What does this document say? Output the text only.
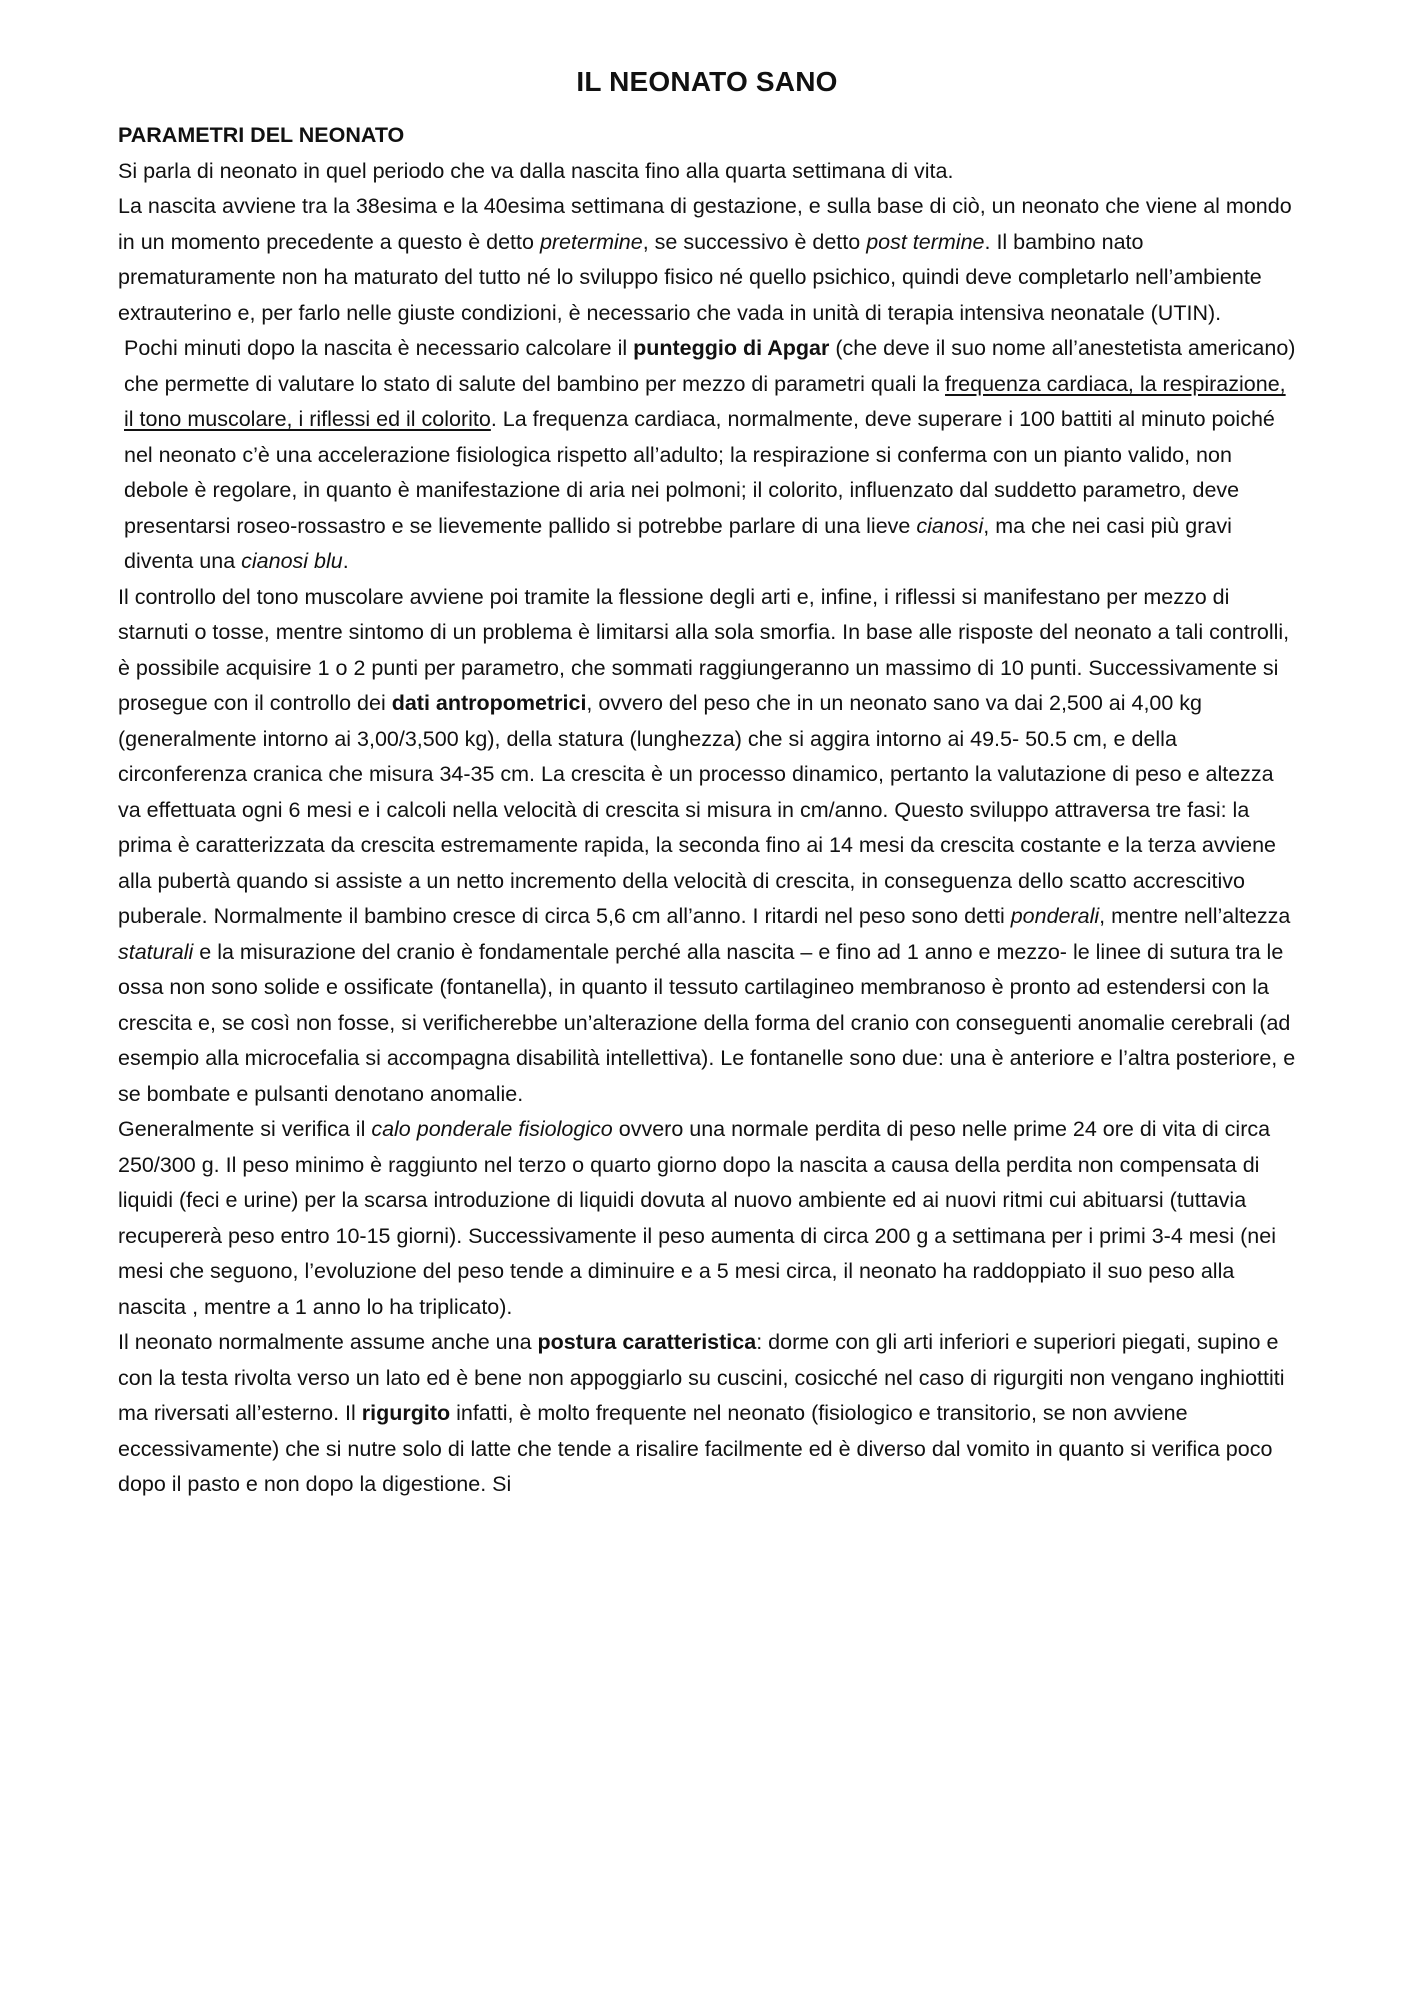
IL NEONATO SANO
PARAMETRI DEL NEONATO

Si parla di neonato in quel periodo che va dalla nascita fino alla quarta settimana di vita.

La nascita avviene tra la 38esima e la 40esima settimana di gestazione, e sulla base di ciò, un neonato che viene al mondo in un momento precedente a questo è detto pretermine, se successivo è detto post termine. Il bambino nato prematuramente non ha maturato del tutto né lo sviluppo fisico né quello psichico, quindi deve completarlo nell’ambiente extrauterino e, per farlo nelle giuste condizioni, è necessario che vada in unità di terapia intensiva neonatale (UTIN).

Pochi minuti dopo la nascita è necessario calcolare il punteggio di Apgar (che deve il suo nome all’anestetista americano) che permette di valutare lo stato di salute del bambino per mezzo di parametri quali la frequenza cardiaca, la respirazione, il tono muscolare, i riflessi ed il colorito. La frequenza cardiaca, normalmente, deve superare i 100 battiti al minuto poiché nel neonato c’è una accelerazione fisiologica rispetto all’adulto; la respirazione si conferma con un pianto valido, non debole è regolare, in quanto è manifestazione di aria nei polmoni; il colorito, influenzato dal suddetto parametro, deve presentarsi roseo-rossastro e se lievemente pallido si potrebbe parlare di una lieve cianosi, ma che nei casi più gravi diventa una cianosi blu.

Il controllo del tono muscolare avviene poi tramite la flessione degli arti e, infine, i riflessi si manifestano per mezzo di starnuti o tosse, mentre sintomo di un problema è limitarsi alla sola smorfia. In base alle risposte del neonato a tali controlli, è possibile acquisire 1 o 2 punti per parametro, che sommati raggiungeranno un massimo di 10 punti. Successivamente si prosegue con il controllo dei dati antropometrici, ovvero del peso che in un neonato sano va dai 2,500 ai 4,00 kg (generalmente intorno ai 3,00/3,500 kg), della statura (lunghezza) che si aggira intorno ai 49.5- 50.5 cm, e della circonferenza cranica che misura 34-35 cm. La crescita è un processo dinamico, pertanto la valutazione di peso e altezza va effettuata ogni 6 mesi e i calcoli nella velocità di crescita si misura in cm/anno. Questo sviluppo attraversa tre fasi: la prima è caratterizzata da crescita estremamente rapida, la seconda fino ai 14 mesi da crescita costante e la terza avviene alla pubertà quando si assiste a un netto incremento della velocità di crescita, in conseguenza dello scatto accrescitivo puberale. Normalmente il bambino cresce di circa 5,6 cm all’anno. I ritardi nel peso sono detti ponderali, mentre nell’altezza staturali e la misurazione del cranio è fondamentale perché alla nascita – e fino ad 1 anno e mezzo- le linee di sutura tra le ossa non sono solide e ossificate (fontanella), in quanto il tessuto cartilagineo membranoso è pronto ad estendersi con la crescita e, se così non fosse, si verificherebbe un’alterazione della forma del cranio con conseguenti anomalie cerebrali (ad esempio alla microcefalia si accompagna disabilità intellettiva). Le fontanelle sono due: una è anteriore e l’altra posteriore, e se bombate e pulsanti denotano anomalie.

Generalmente si verifica il calo ponderale fisiologico ovvero una normale perdita di peso nelle prime 24 ore di vita di circa 250/300 g. Il peso minimo è raggiunto nel terzo o quarto giorno dopo la nascita a causa della perdita non compensata di liquidi (feci e urine) per la scarsa introduzione di liquidi dovuta al nuovo ambiente ed ai nuovi ritmi cui abituarsi (tuttavia recupererà peso entro 10-15 giorni). Successivamente il peso aumenta di circa 200 g a settimana per i primi 3-4 mesi (nei mesi che seguono, l’evoluzione del peso tende a diminuire e a 5 mesi circa, il neonato ha raddoppiato il suo peso alla nascita , mentre a 1 anno lo ha triplicato).

Il neonato normalmente assume anche una postura caratteristica: dorme con gli arti inferiori e superiori piegati, supino e con la testa rivolta verso un lato ed è bene non appoggiarlo su cuscini, cosicché nel caso di rigurgiti non vengano inghiottiti ma riversati all’esterno. Il rigurgito infatti, è molto frequente nel neonato (fisiologico e transitorio, se non avviene eccessivamente) che si nutre solo di latte che tende a risalire facilmente ed è diverso dal vomito in quanto si verifica poco dopo il pasto e non dopo la digestione. Si
